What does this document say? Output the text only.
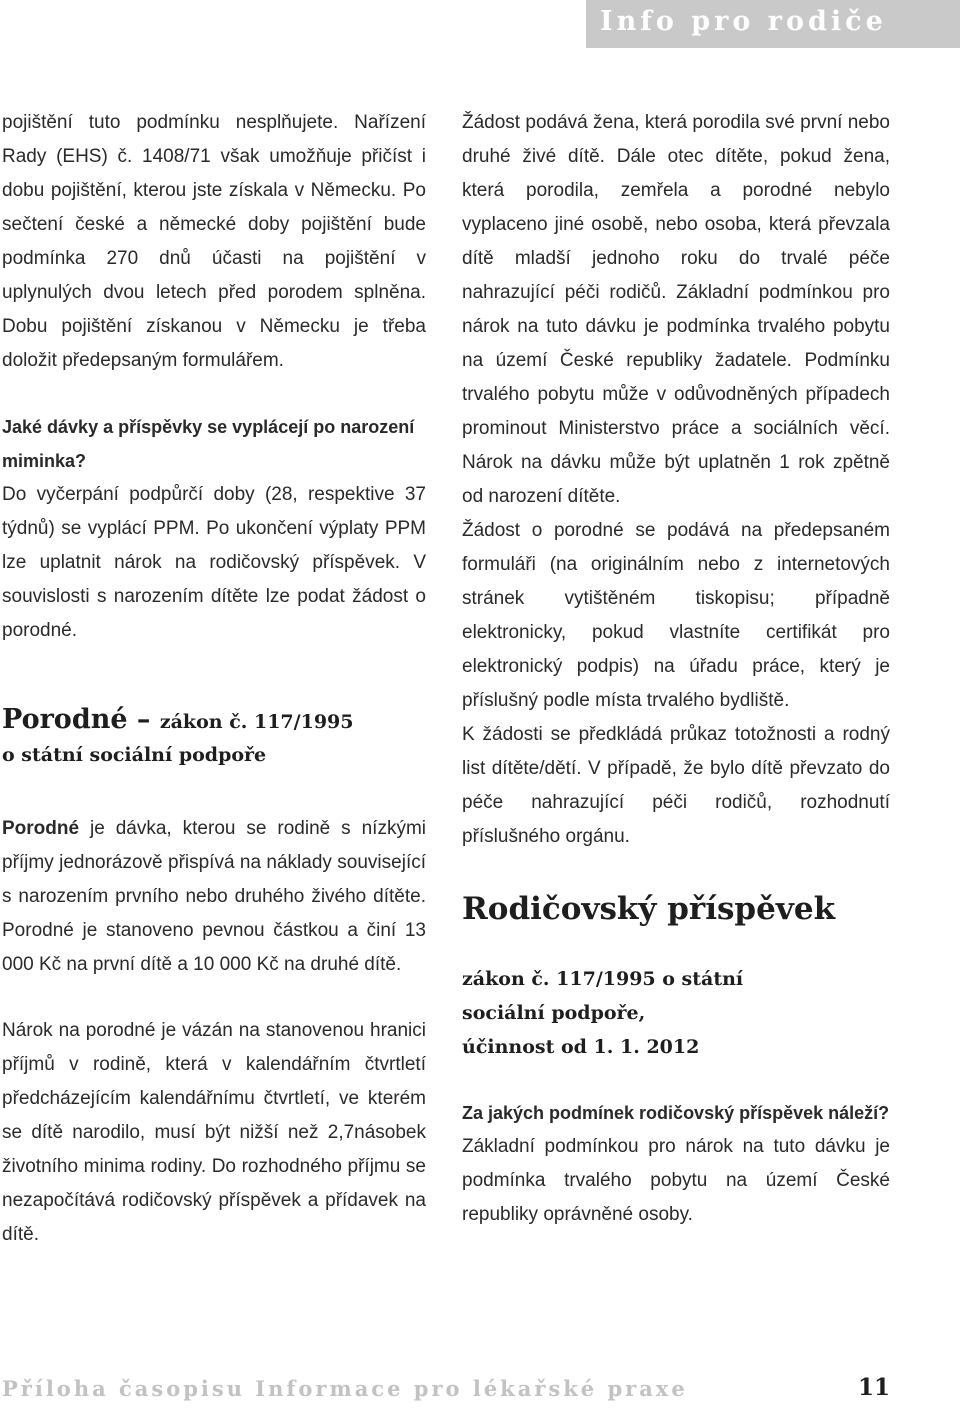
Info pro rodiče

pojištění tuto podmínku nesplňujete. Nařízení Rady (EHS) č. 1408/71 však umožňuje přičíst i dobu pojištění, kterou jste získala v Německu. Po sečtení české a německé doby pojištění bude podmínka 270 dnů účasti na pojištění v uplynulých dvou letech před porodem splněna. Dobu pojištění získanou v Německu je třeba doložit předepsaným formulářem.

Jaké dávky a příspěvky se vyplácejí po narození miminka?

Do vyčerpání podpůrčí doby (28, respektive 37 týdnů) se vyplácí PPM. Po ukončení výplaty PPM lze uplatnit nárok na rodičovský příspěvek. V souvislosti s narozením dítěte lze podat žádost o porodné.

Porodné – zákon č. 117/1995
o státní sociální podpoře

Porodné je dávka, kterou se rodině s nízkými příjmy jednorázově přispívá na náklady související s narozením prvního nebo druhého živého dítěte. Porodné je stanoveno pevnou částkou a činí 13 000 Kč na první dítě a 10 000 Kč na druhé dítě.

Nárok na porodné je vázán na stanovenou hranici příjmů v rodině, která v kalendářním čtvrtletí předcházejícím kalendářnímu čtvrtletí, ve kterém se dítě narodilo, musí být nižší než 2,7násobek životního minima rodiny. Do rozhodného příjmu se nezapočítává rodičovský příspěvek a přídavek na dítě.

Žádost podává žena, která porodila své první nebo druhé živé dítě. Dále otec dítěte, pokud žena, která porodila, zemřela a porodné nebylo vyplaceno jiné osobě, nebo osoba, která převzala dítě mladší jednoho roku do trvalé péče nahrazující péči rodičů. Základní podmínkou pro nárok na tuto dávku je podmínka trvalého pobytu na území České republiky žadatele. Podmínku trvalého pobytu může v odůvodněných případech prominout Ministerstvo práce a sociálních věcí. Nárok na dávku může být uplatněn 1 rok zpětně od narození dítěte.

Žádost o porodné se podává na předepsaném formuláři (na originálním nebo z internetových stránek vytištěném tiskopisu; případně elektronicky, pokud vlastníte certifikát pro elektronický podpis) na úřadu práce, který je příslušný podle místa trvalého bydliště.

K žádosti se předkládá průkaz totožnosti a rodný list dítěte/dětí. V případě, že bylo dítě převzato do péče nahrazující péči rodičů, rozhodnutí příslušného orgánu.

Rodičovský příspěvek
zákon č. 117/1995 o státní
sociální podpoře,
účinnost od 1. 1. 2012
Za jakých podmínek rodičovský příspěvek náleží?

Základní podmínkou pro nárok na tuto dávku je podmínka trvalého pobytu na území České republiky oprávněné osoby.

Příloha časopisu Informace pro lékařské praxe	11
